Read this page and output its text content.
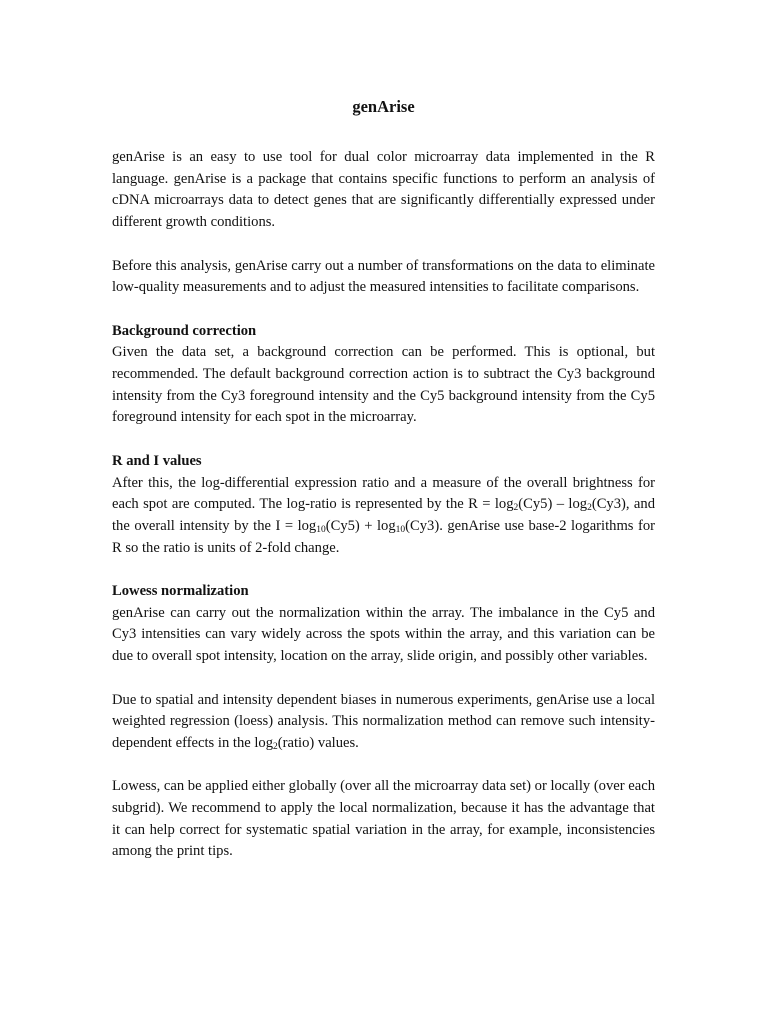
genArise

genArise is an easy to use tool for dual color microarray data implemented in the R language. genArise is a package that contains specific functions to perform an analysis of cDNA microarrays data to detect genes that are significantly differentially expressed under different growth conditions.

Before this analysis, genArise carry out a number of transformations on the data to eliminate low-quality measurements and to adjust the measured intensities to facilitate comparisons.

Background correction

Given the data set, a background correction can be performed. This is optional, but recommended. The default background correction action is to subtract the Cy3 background intensity from the Cy3 foreground intensity and the Cy5 background intensity from the Cy5 foreground intensity for each spot in the microarray.

R and I values

After this, the log-differential expression ratio and a measure of the overall brightness for each spot are computed. The log-ratio is represented by the $R = \log_2(Cy5) - \log_2(Cy3)$, and the overall intensity by the $I = \log_{10}(Cy5) + \log_{10}(Cy3)$. genArise use base-2 logarithms for R so the ratio is units of 2-fold change.

Lowess normalization

genArise can carry out the normalization within the array. The imbalance in the Cy5 and Cy3 intensities can vary widely across the spots within the array, and this variation can be due to overall spot intensity, location on the array, slide origin, and possibly other variables.

Due to spatial and intensity dependent biases in numerous experiments, genArise use a local weighted regression (loess) analysis. This normalization method can remove such intensity-dependent effects in the $\log_2(ratio)$ values.

Lowess, can be applied either globally (over all the microarray data set) or locally (over each subgrid). We recommend to apply the local normalization, because it has the advantage that it can help correct for systematic spatial variation in the array, for example, inconsistencies among the print tips.
